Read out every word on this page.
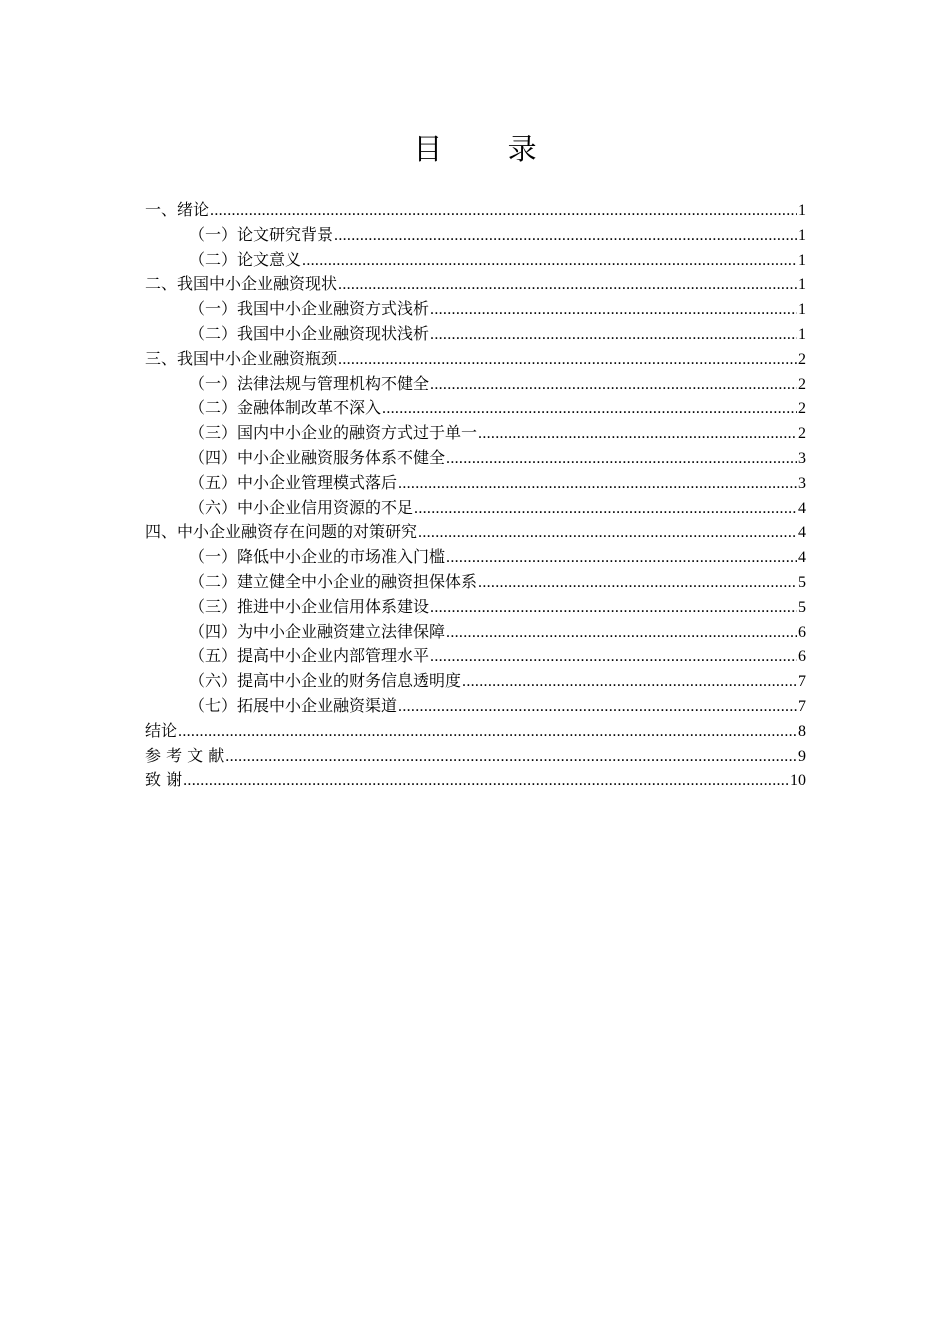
目 录
一、绪论 .....	1
（一）论文研究背景 .....	1
（二）论文意义 .....	1
二、我国中小企业融资现状 .....	1
（一）我国中小企业融资方式浅析 .....	1
（二）我国中小企业融资现状浅析 .....	1
三、我国中小企业融资瓶颈 .....	2
（一）法律法规与管理机构不健全 .....	2
（二）金融体制改革不深入 .....	2
（三）国内中小企业的融资方式过于单一 .....	2
（四）中小企业融资服务体系不健全 .....	3
（五）中小企业管理模式落后 .....	3
（六）中小企业信用资源的不足 .....	4
四、中小企业融资存在问题的对策研究 .....	4
（一）降低中小企业的市场准入门槛 .....	4
（二）建立健全中小企业的融资担保体系 .....	5
（三）推进中小企业信用体系建设 .....	5
（四）为中小企业融资建立法律保障 .....	6
（五）提高中小企业内部管理水平 .....	6
（六）提高中小企业的财务信息透明度 .....	7
（七）拓展中小企业融资渠道 .....	7
结论 .....	8
参 考 文 献 .....	9
致 谢 .....	10
